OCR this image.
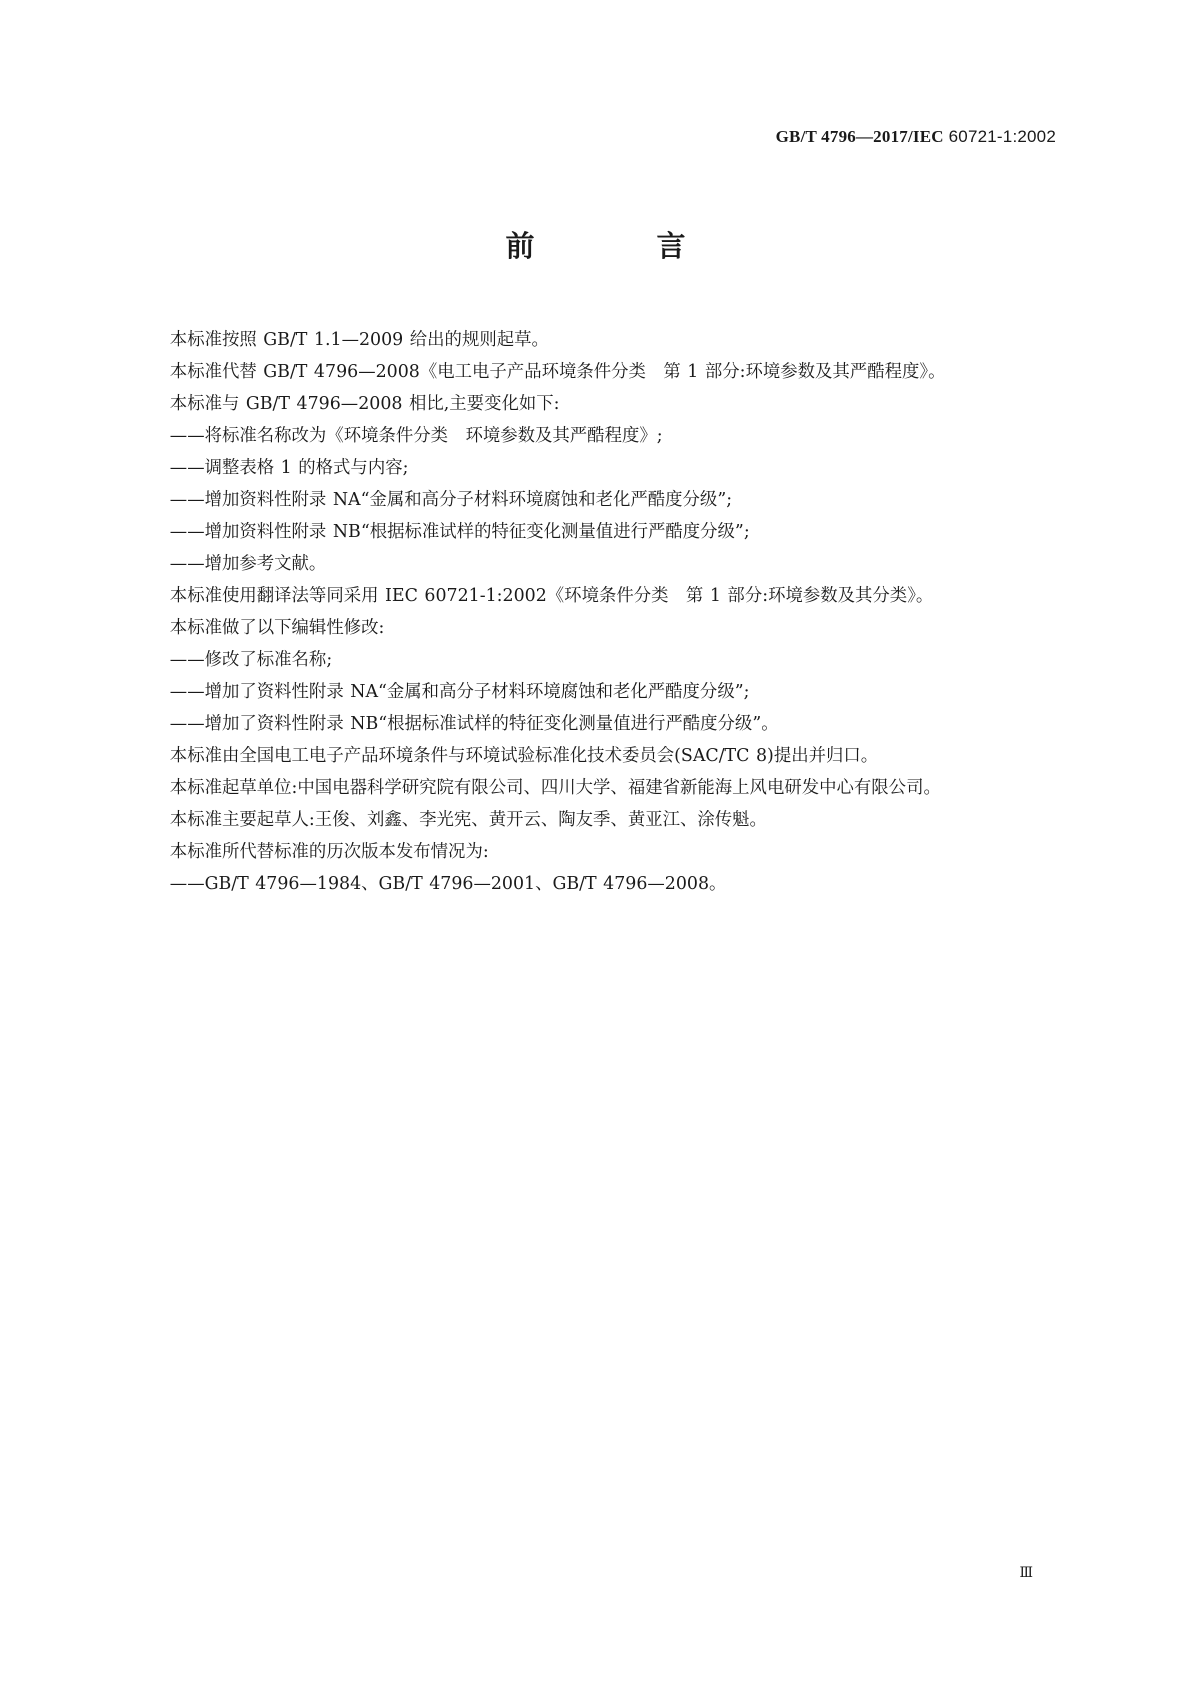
GB/T 4796—2017/IEC 60721-1:2002
前 言

本标准按照 GB/T 1.1—2009 给出的规则起草。

本标准代替 GB/T 4796—2008《电工电子产品环境条件分类　第 1 部分:环境参数及其严酷程度》。

本标准与 GB/T 4796—2008 相比,主要变化如下:

——将标准名称改为《环境条件分类　环境参数及其严酷程度》;

——调整表格 1 的格式与内容;

——增加资料性附录 NA“金属和高分子材料环境腐蚀和老化严酷度分级”;

——增加资料性附录 NB“根据标准试样的特征变化测量值进行严酷度分级”;

——增加参考文献。

本标准使用翻译法等同采用 IEC 60721-1:2002《环境条件分类　第 1 部分:环境参数及其分类》。

本标准做了以下编辑性修改:

——修改了标准名称;

——增加了资料性附录 NA“金属和高分子材料环境腐蚀和老化严酷度分级”;

——增加了资料性附录 NB“根据标准试样的特征变化测量值进行严酷度分级”。

本标准由全国电工电子产品环境条件与环境试验标准化技术委员会(SAC/TC 8)提出并归口。

本标准起草单位:中国电器科学研究院有限公司、四川大学、福建省新能海上风电研发中心有限公司。

本标准主要起草人:王俊、刘鑫、李光宪、黄开云、陶友季、黄亚江、涂传魁。

本标准所代替标准的历次版本发布情况为:

——GB/T 4796—1984、GB/T 4796—2001、GB/T 4796—2008。

Ⅲ
